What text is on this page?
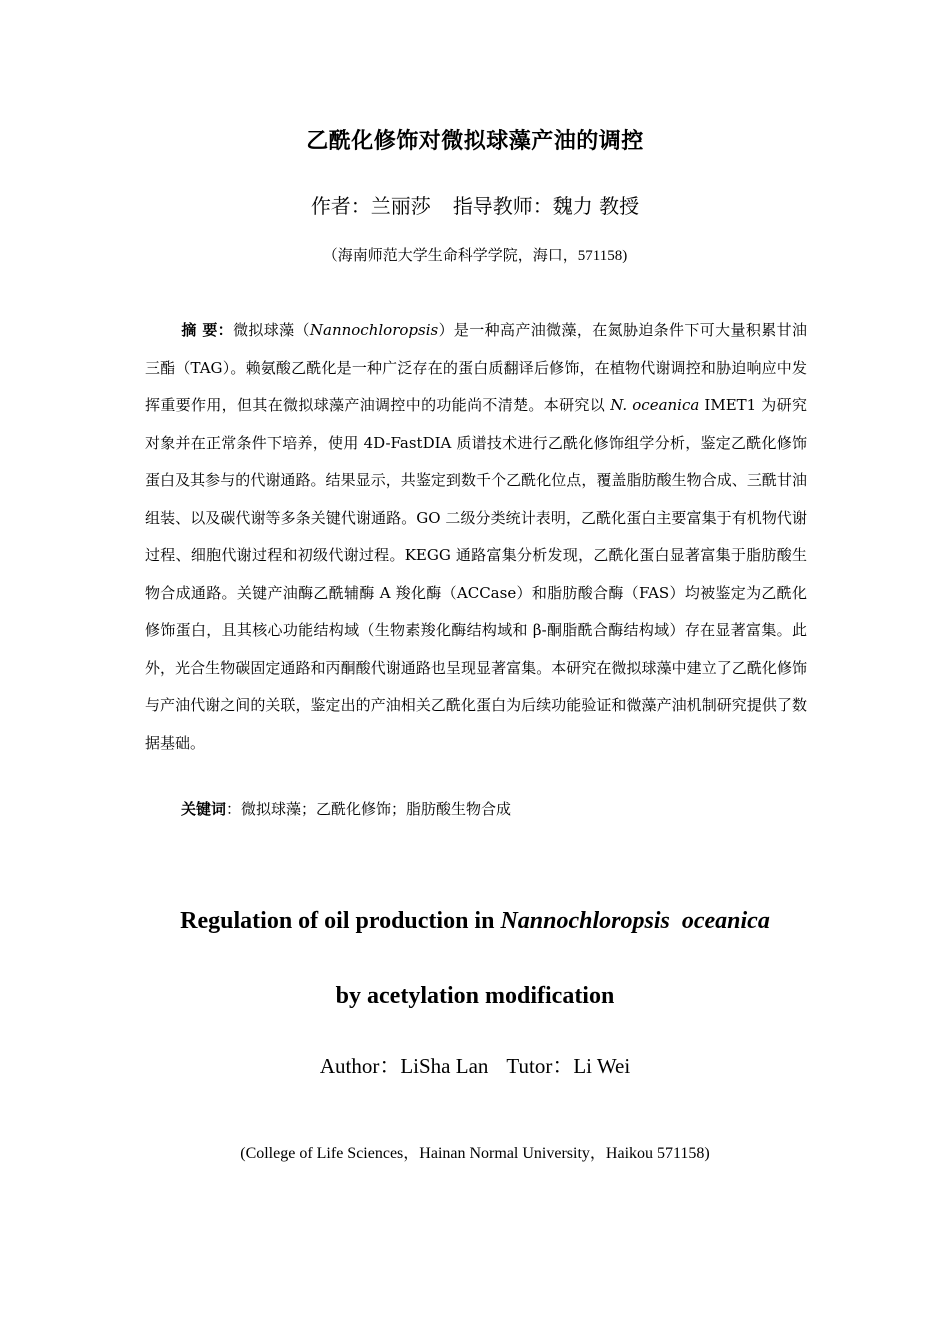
乙酰化修饰对微拟球藻产油的调控
作者：兰丽莎 指导教师：魏力 教授
（海南师范大学生命科学学院，海口，571158)
摘 要：微拟球藻（Nannochloropsis）是一种高产油微藻，在氮胁迫条件下可大量积累甘油三酯（TAG）。赖氨酸乙酰化是一种广泛存在的蛋白质翻译后修饰，在植物代谢调控和胁迫响应中发挥重要作用，但其在微拟球藻产油调控中的功能尚不清楚。本研究以 N. oceanica IMET1 为研究对象并在正常条件下培养，使用 4D-FastDIA 质谱技术进行乙酰化修饰组学分析，鉴定乙酰化修饰蛋白及其参与的代谢通路。结果显示，共鉴定到数千个乙酰化位点，覆盖脂肪酸生物合成、三酰甘油组装、以及碳代谢等多条关键代谢通路。GO 二级分类统计表明，乙酰化蛋白主要富集于有机物代谢过程、细胞代谢过程和初级代谢过程。KEGG 通路富集分析发现，乙酰化蛋白显著富集于脂肪酸生物合成通路。关键产油酶乙酰辅酶 A 羧化酶（ACCase）和脂肪酸合酶（FAS）均被鉴定为乙酰化修饰蛋白，且其核心功能结构域（生物素羧化酶结构域和 β-酮脂酰合酶结构域）存在显著富集。此外，光合生物碳固定通路和丙酮酸代谢通路也呈现显著富集。本研究在微拟球藻中建立了乙酰化修饰与产油代谢之间的关联，鉴定出的产油相关乙酰化蛋白为后续功能验证和微藻产油机制研究提供了数据基础。
关键词：微拟球藻；乙酰化修饰；脂肪酸生物合成
Regulation of oil production in Nannochloropsis oceanica
by acetylation modification
Author：LiSha Lan Tutor：Li Wei
(College of Life Sciences，Hainan Normal University，Haikou 571158)
